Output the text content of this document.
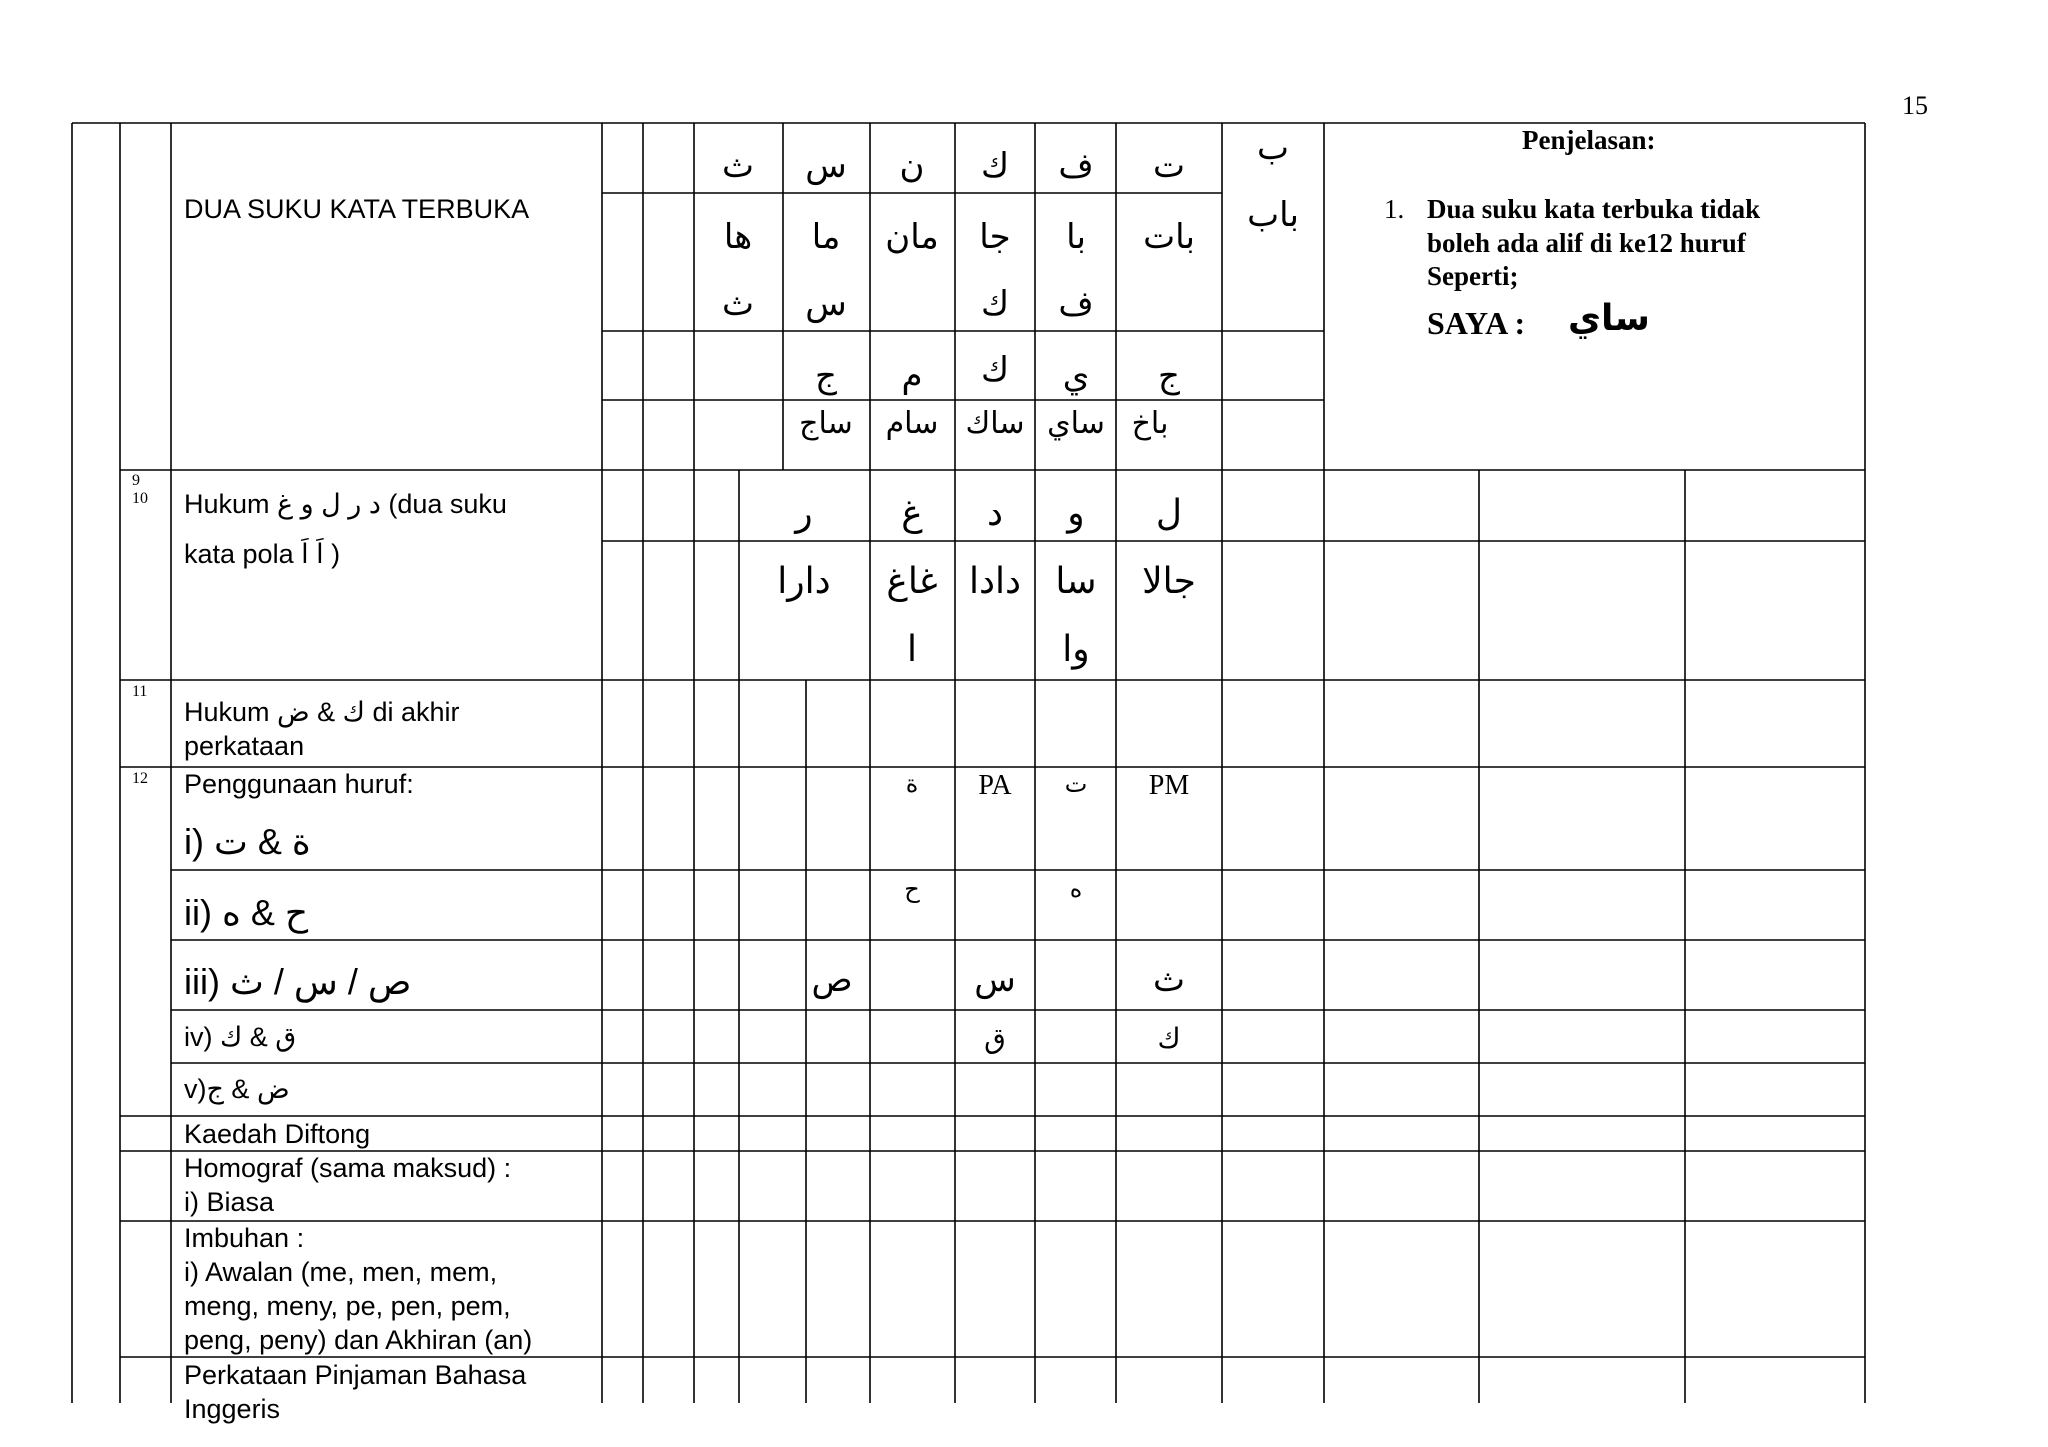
15
Penjelasan:
1. Dua suku kata terbuka tidak
boleh ada alif di ke12 huruf
Seperti;
SAYA : ساي
DUA SUKU KATA TERBUKA
ب
ت
ف
ك
ن
س
ث
باب
بات
با
جا
مان
ما
ها
ف
ك
س
ث
ج
ي
ك
م
ج
باخ
ساي
ساك
سام
ساج
9
10 Hukum د ر ل و غ (dua suku
kata pola اَ اَ )
ل
و
د
غ
ر
جالا
سا
دادا
غاغ
دارا
وا
ا
11
Hukum ك & ض di akhir
perkataan
12 Penggunaan huruf:
i) ة & ت
ii) ح & ه
iii) ص / س / ث
iv) ق & ك
v)ض & ج
PM
ت
PA
ة
ه
ح
ث
س
ص
ك
ق
Kaedah Diftong
Homograf (sama maksud) :
i) Biasa
Imbuhan :
i) Awalan (me, men, mem,
meng, meny, pe, pen, pem,
peng, peny) dan Akhiran (an)
Perkataan Pinjaman Bahasa
Inggeris
